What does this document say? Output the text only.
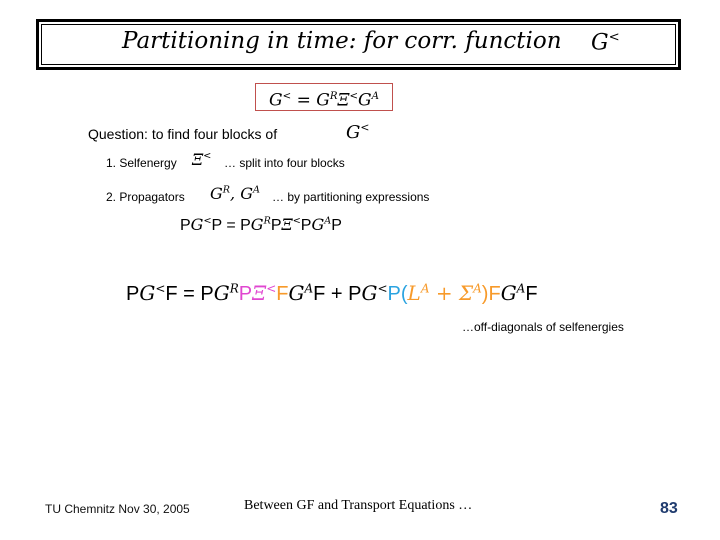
Partitioning in time: for corr. function G<
$G^< = G^R\Xi^<G^A$
Question: to find four blocks of	G<
1. Selfenergy Ξ< … split into four blocks
2. Propagators $G^R$, $G^A$ … by partitioning expressions
$PG^<P = PG^RP\Xi^<PG^AP$
$PG^<F = PG^RP\Xi^<FG^AF + PG^<P(L^A + \Sigma^A)FG^AF$
…off-diagonals of selfenergies
TU Chemnitz Nov 30, 2005	Between GF and Transport Equations …	83
